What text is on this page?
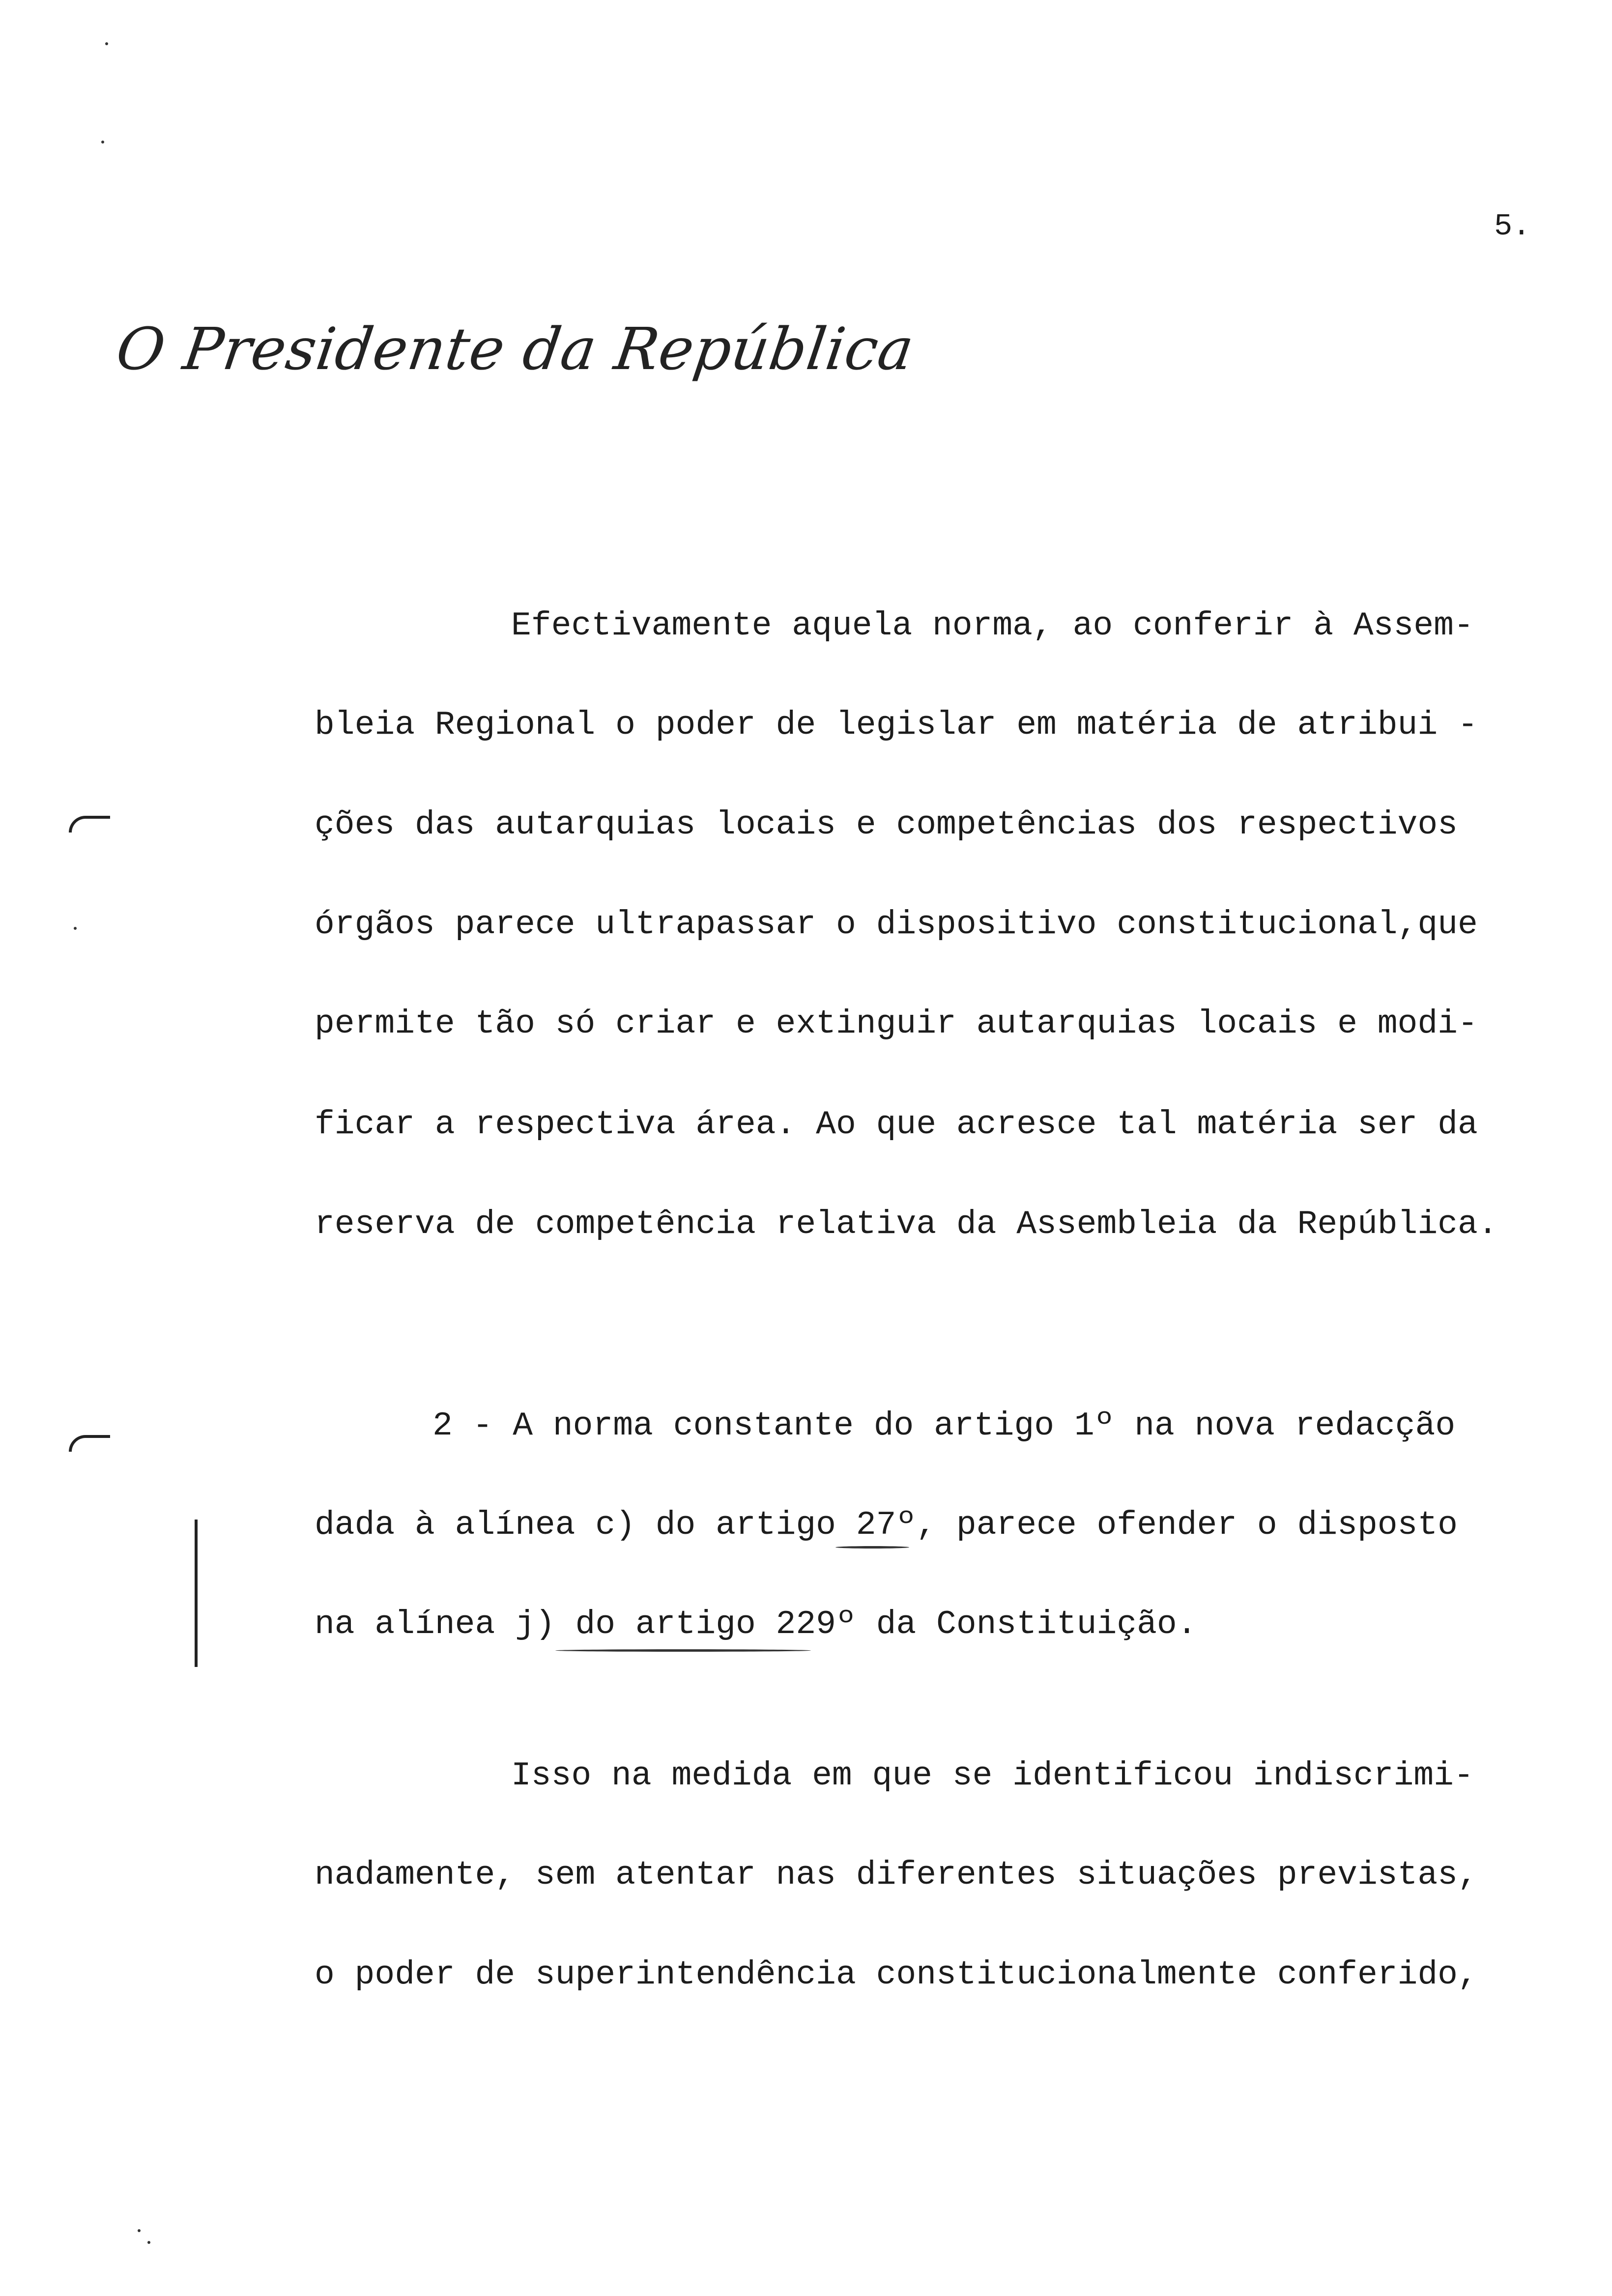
5.
O Presidente da República
Efectivamente aquela norma, ao conferir à Assem-
bleia Regional o poder de legislar em matéria de atribui -
ções das autarquias locais e competências dos respectivos
órgãos parece ultrapassar o dispositivo constitucional,que
permite tão só criar e extinguir autarquias locais e modi-
ficar a respectiva área. Ao que acresce tal matéria ser da
reserva de competência relativa da Assembleia da República.
2 - A norma constante do artigo 1º na nova redacção
dada à alínea c) do artigo 27º, parece ofender o disposto
na alínea j) do artigo 229º da Constituição.
Isso na medida em que se identificou indiscrimi-
nadamente, sem atentar nas diferentes situações previstas,
o poder de superintendência constitucionalmente conferido,
